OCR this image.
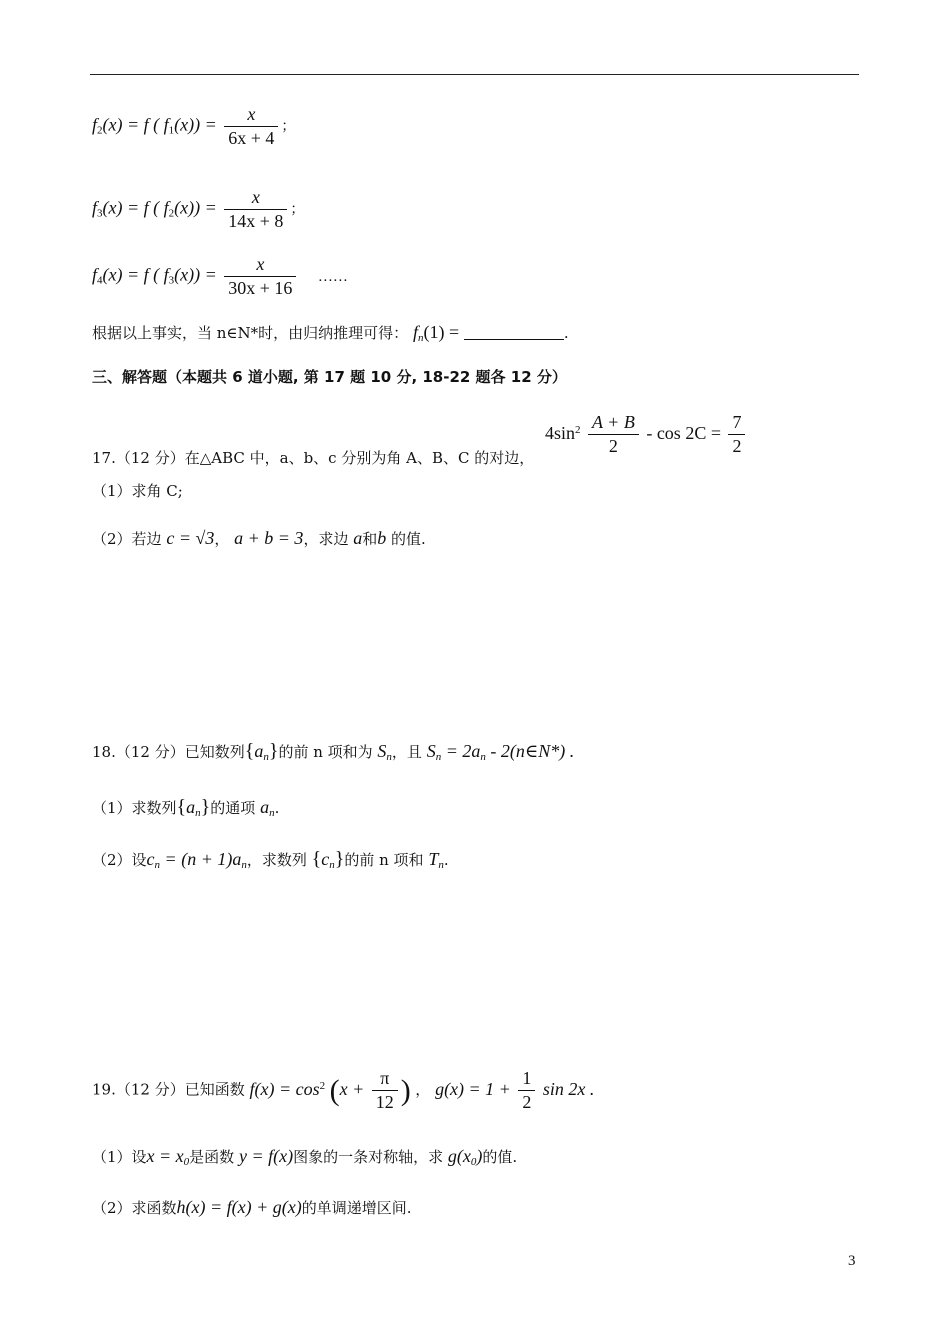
$f_2(x) = f$ ( $f_1(x)) = \frac{x}{6x + 4}$ ；
$f_3(x) = f$ ( $f_2(x)) = \frac{x}{14x + 8}$ ；
$f_4(x) = f$ ( $f_3(x)) = \frac{x}{30x + 16}$ ……
根据以上事实，当 n∈N*时，由归纳推理可得： $f_n(1)$ =	.
三、解答题（本题共 6 道小题, 第 17 题 10 分, 18-22 题各 12 分）
17.（12 分）在△ABC 中，a、b、c 分别为角 A、B、C 的对边， $4\sin^2 \frac{A + B}{2} - \cos 2C = \frac{7}{2}$
（1）求角 C;
（2）若边 c = √3， a + b = 3，求边 a和b 的值.
18.（12 分）已知数列$\{a_n\}$的前 n 项和为 $S_n$，且 $S_n = 2a_n$ - 2(n∈N*) .
（1）求数列$\{a_n\}$的通项 $a_n$.
（2）设$c_n = (n + 1)a_n$，求数列 $\{c_n\}$的前 n 项和 $T_n$.
19.（12 分）已知函数 $f(x) = \cos^2 (x + \frac{\pi}{12}$ ) ， $g(x) = 1 + \frac{1}{2}$ sin 2x .
（1）设$x = x_0$是函数 y = f(x)图象的一条对称轴，求 $g(x_0)$的值.
（2）求函数h(x) = f(x) + g(x)的单调递增区间.
3
